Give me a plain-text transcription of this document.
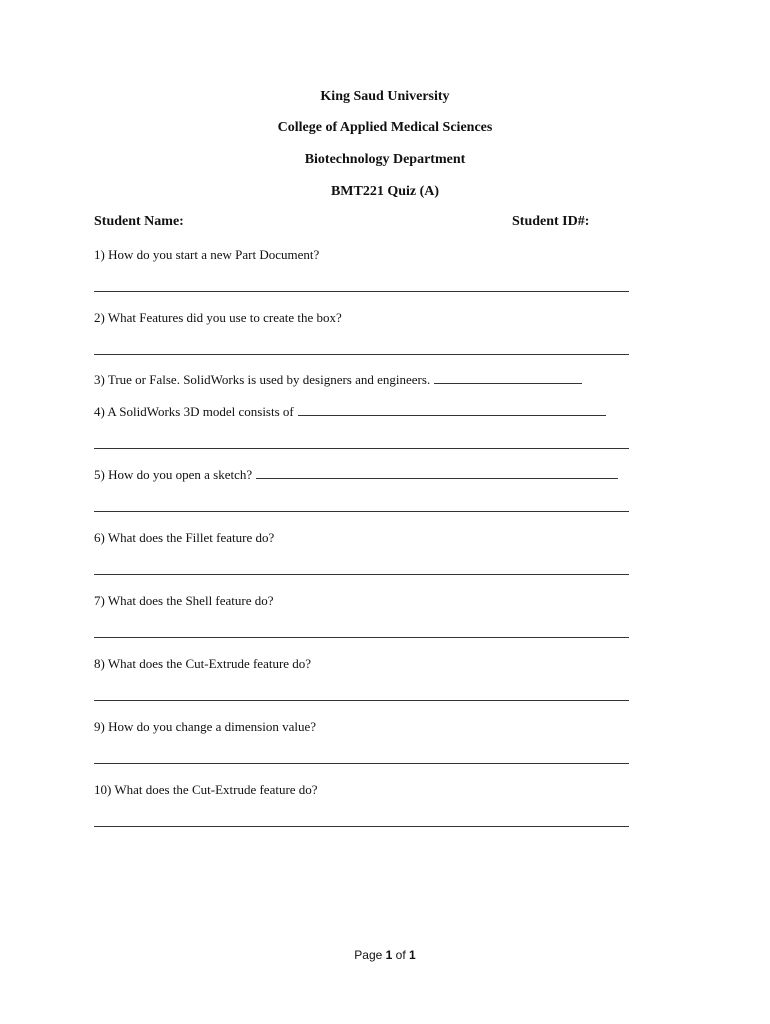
King Saud University
College of Applied Medical Sciences
Biotechnology Department
BMT221 Quiz (A)
Student Name:	Student ID#:
1) How do you start a new Part Document?
2) What Features did you use to create the box?
3) True or False. SolidWorks is used by designers and engineers.
4) A SolidWorks 3D model consists of
5) How do you open a sketch?
6) What does the Fillet feature do?
7) What does the Shell feature do?
8) What does the Cut-Extrude feature do?
9) How do you change a dimension value?
10) What does the Cut-Extrude feature do?
Page 1 of 1
